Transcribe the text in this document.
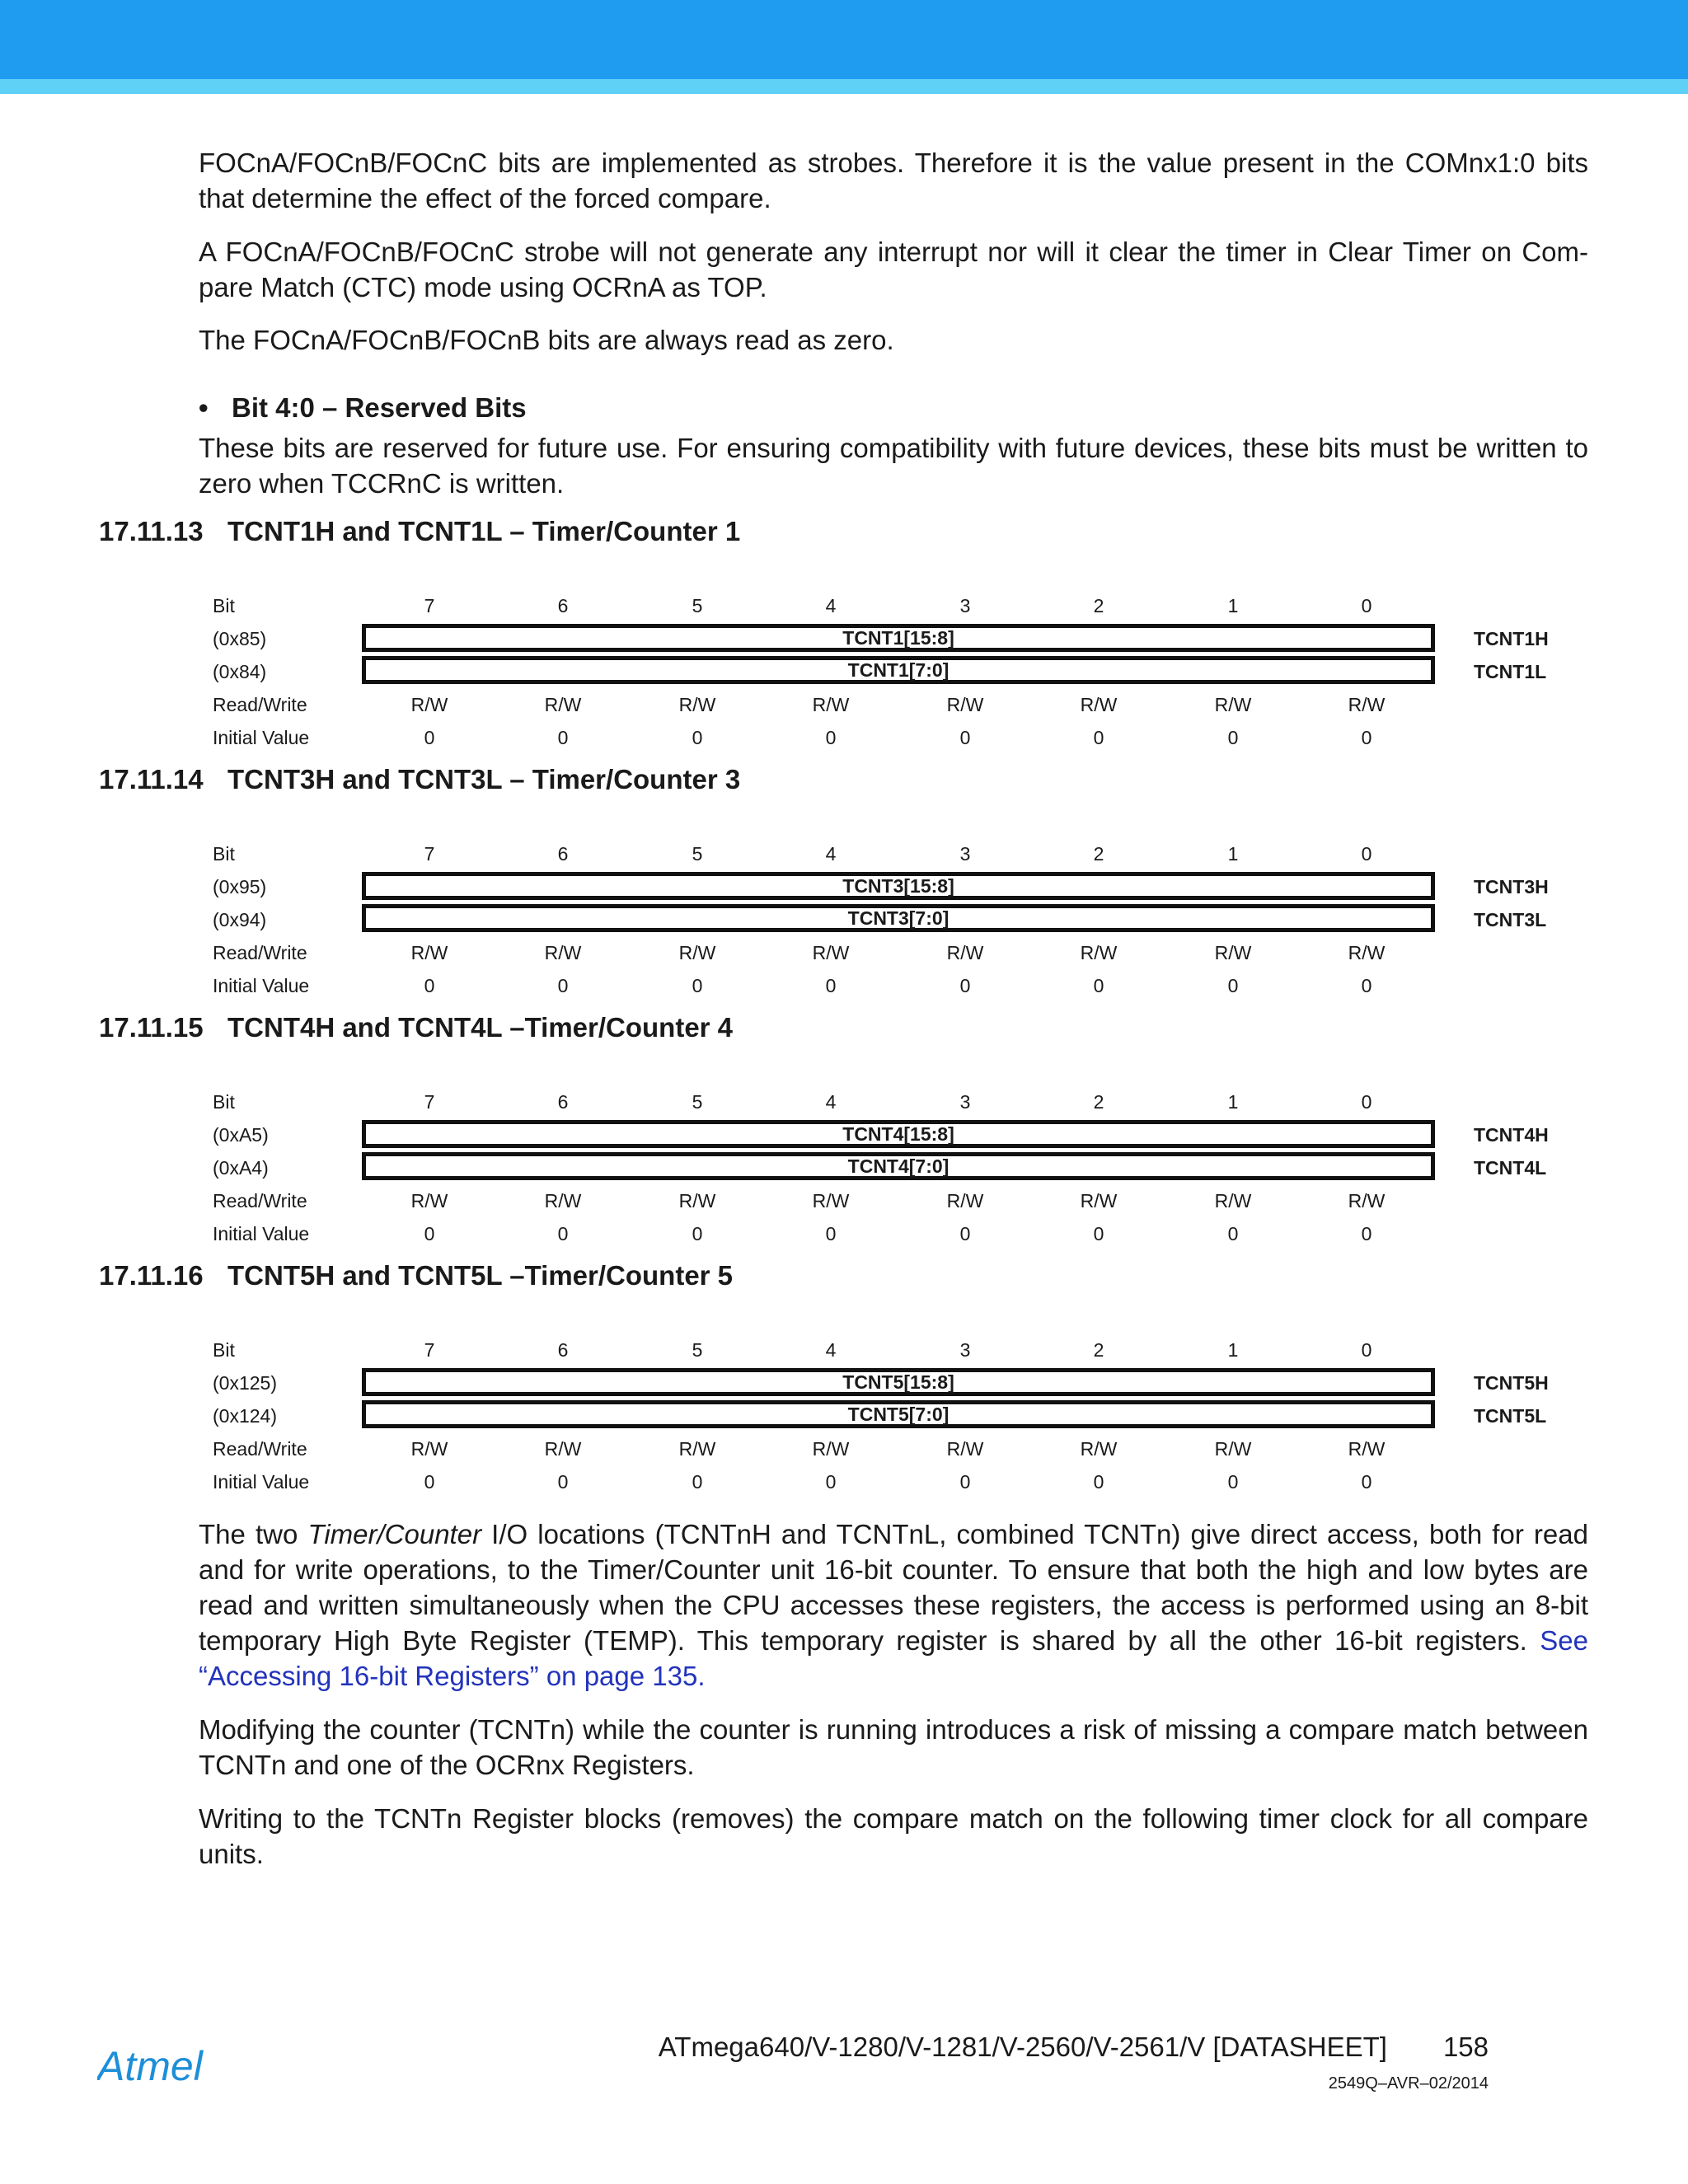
FOCnA/FOCnB/FOCnC bits are implemented as strobes. Therefore it is the value present in the COMnx1:0 bits that determine the effect of the forced compare.

A FOCnA/FOCnB/FOCnC strobe will not generate any interrupt nor will it clear the timer in Clear Timer on Com-pare Match (CTC) mode using OCRnA as TOP.

The FOCnA/FOCnB/FOCnB bits are always read as zero.

• Bit 4:0 – Reserved Bits

These bits are reserved for future use. For ensuring compatibility with future devices, these bits must be written to zero when TCCRnC is written.

17.11.13 TCNT1H and TCNT1L – Timer/Counter 1
Bit
(0x85)
(0x84)
Read/Write
Initial Value
7
R/W
0
6
R/W
0
5
R/W
0
4
R/W
0
3
R/W
0
2
R/W
0
1
R/W
0
0
R/W
0
TCNT1[15:8]
TCNT1[7:0]
TCNT1H
TCNT1L
17.11.14 TCNT3H and TCNT3L – Timer/Counter 3
Bit
(0x95)
(0x94)
Read/Write
Initial Value
7
R/W
0
6
R/W
0
5
R/W
0
4
R/W
0
3
R/W
0
2
R/W
0
1
R/W
0
0
R/W
0
TCNT3[15:8]
TCNT3[7:0]
TCNT3H
TCNT3L
17.11.15 TCNT4H and TCNT4L –Timer/Counter 4
Bit
(0xA5)
(0xA4)
Read/Write
Initial Value
7
R/W
0
6
R/W
0
5
R/W
0
4
R/W
0
3
R/W
0
2
R/W
0
1
R/W
0
0
R/W
0
TCNT4[15:8]
TCNT4[7:0]
TCNT4H
TCNT4L
17.11.16 TCNT5H and TCNT5L –Timer/Counter 5
Bit
(0x125)
(0x124)
Read/Write
Initial Value
7
R/W
0
6
R/W
0
5
R/W
0
4
R/W
0
3
R/W
0
2
R/W
0
1
R/W
0
0
R/W
0
TCNT5[15:8]
TCNT5[7:0]
TCNT5H
TCNT5L

The two Timer/Counter I/O locations (TCNTnH and TCNTnL, combined TCNTn) give direct access, both for read and for write operations, to the Timer/Counter unit 16-bit counter. To ensure that both the high and low bytes are read and written simultaneously when the CPU accesses these registers, the access is performed using an 8-bit temporary High Byte Register (TEMP). This temporary register is shared by all the other 16-bit registers. See “Accessing 16-bit Registers” on page 135.

Modifying the counter (TCNTn) while the counter is running introduces a risk of missing a compare match between TCNTn and one of the OCRnx Registers.

Writing to the TCNTn Register blocks (removes) the compare match on the following timer clock for all compare units.

Atmel	ATmega640/V-1280/V-1281/V-2560/V-2561/V [DATASHEET] 158
2549Q–AVR–02/2014
